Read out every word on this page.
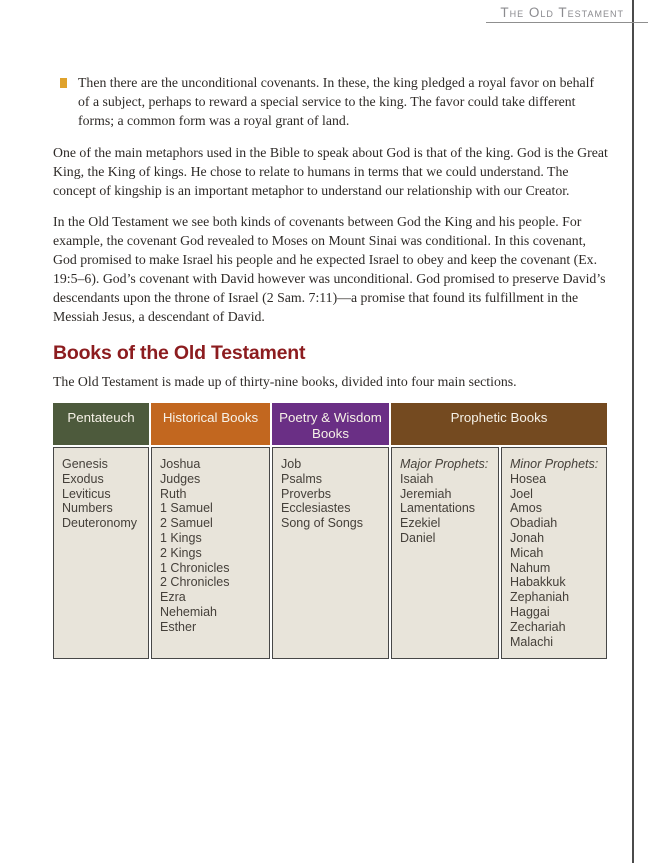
The Old Testament
Then there are the unconditional covenants. In these, the king pledged a royal favor on behalf of a subject, perhaps to reward a special service to the king. The favor could take different forms; a common form was a royal grant of land.

One of the main metaphors used in the Bible to speak about God is that of the king. God is the Great King, the King of kings. He chose to relate to humans in terms that we could understand. The concept of kingship is an important metaphor to understand our relationship with our Creator.

In the Old Testament we see both kinds of covenants between God the King and his people. For example, the covenant God revealed to Moses on Mount Sinai was conditional. In this covenant, God promised to make Israel his people and he expected Israel to obey and keep the covenant (Ex. 19:5–6). God’s covenant with David however was unconditional. God promised to preserve David’s descendants upon the throne of Israel (2 Sam. 7:11)—a promise that found its fulfillment in the Messiah Jesus, a descendant of David.

Books of the Old Testament

The Old Testament is made up of thirty-nine books, divided into four main sections.

Pentateuch	Historical Books	Poetry & Wisdom Books
Prophetic Books
Genesis
Exodus
Leviticus
Numbers
Deuteronomy
Joshua
Judges
Ruth
1 Samuel
2 Samuel
1 Kings
2 Kings
1 Chronicles
2 Chronicles
Ezra
Nehemiah
Esther
Job
Psalms
Proverbs
Ecclesiastes
Song of Songs
Major Prophets:
Isaiah
Jeremiah
Lamentations
Ezekiel
Daniel
Minor Prophets:
Hosea
Joel
Amos
Obadiah
Jonah
Micah
Nahum
Habakkuk
Zephaniah
Haggai
Zechariah
Malachi
